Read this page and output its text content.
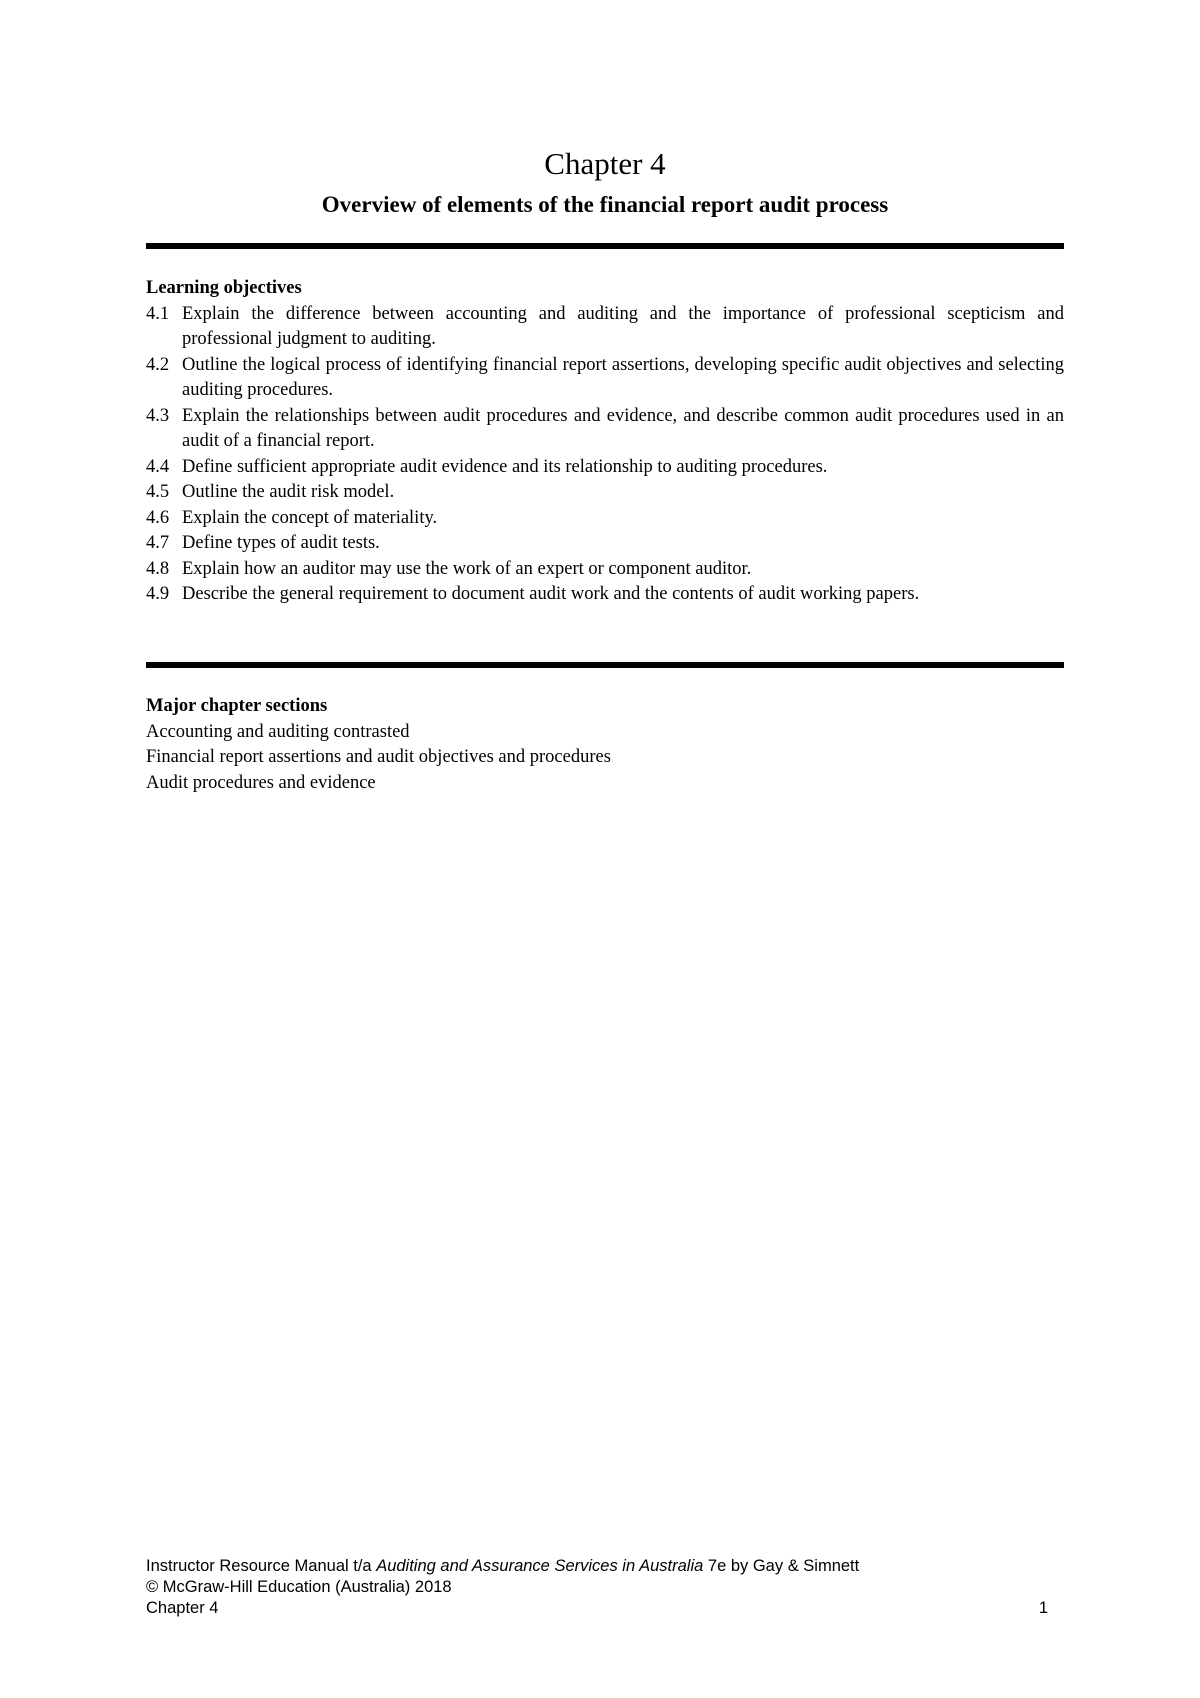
Chapter 4
Overview of elements of the financial report audit process

Learning objectives

4.1 Explain the difference between accounting and auditing and the importance of professional scepticism and professional judgment to auditing.
4.2 Outline the logical process of identifying financial report assertions, developing specific audit objectives and selecting auditing procedures.
4.3 Explain the relationships between audit procedures and evidence, and describe common audit procedures used in an audit of a financial report.
4.4 Define sufficient appropriate audit evidence and its relationship to auditing procedures.
4.5 Outline the audit risk model.
4.6 Explain the concept of materiality.
4.7 Define types of audit tests.
4.8 Explain how an auditor may use the work of an expert or component auditor.
4.9 Describe the general requirement to document audit work and the contents of audit working papers.

Major chapter sections

Accounting and auditing contrasted
Financial report assertions and audit objectives and procedures
Audit procedures and evidence
Instructor Resource Manual t/a Auditing and Assurance Services in Australia 7e by Gay & Simnett
© McGraw-Hill Education (Australia) 2018
Chapter 4	1
